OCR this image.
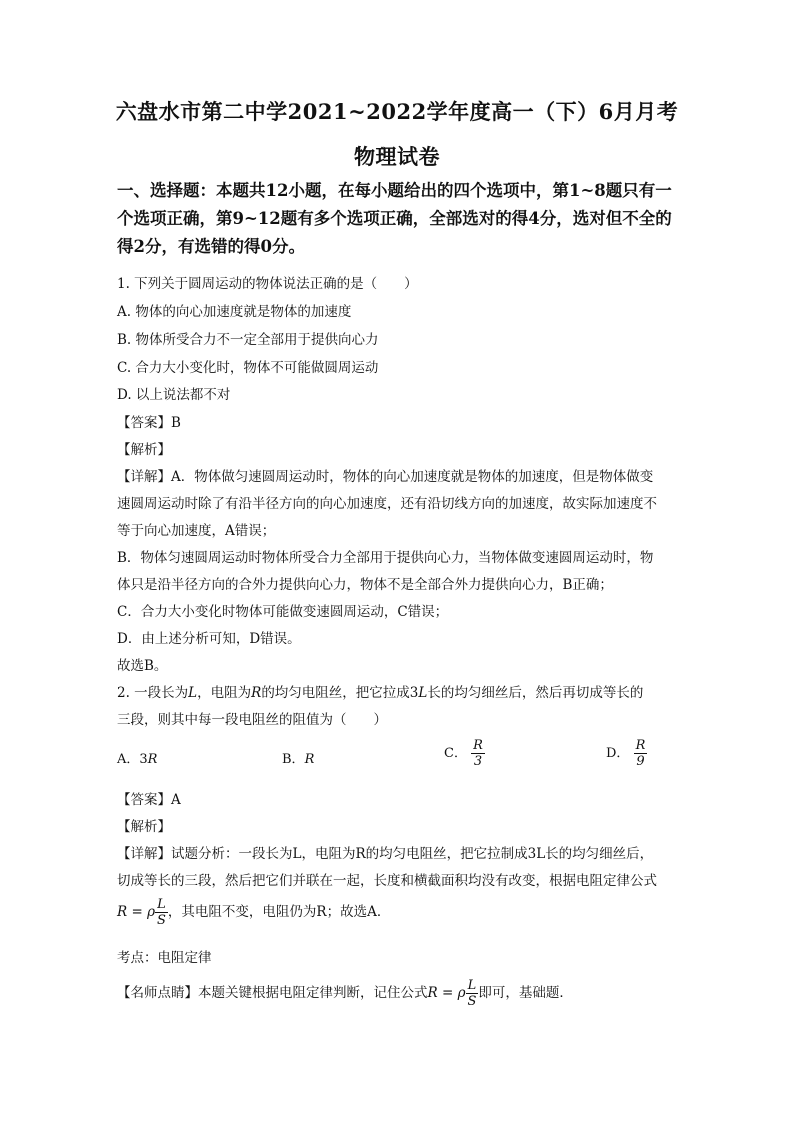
六盘水市第二中学2021~2022学年度高一（下）6月月考
物理试卷
一、选择题：本题共12小题，在每小题给出的四个选项中，第1~8题只有一个选项正确，第9~12题有多个选项正确，全部选对的得4分，选对但不全的得2分，有选错的得0分。
1. 下列关于圆周运动的物体说法正确的是（　　）
A. 物体的向心加速度就是物体的加速度
B. 物体所受合力不一定全部用于提供向心力
C. 合力大小变化时，物体不可能做圆周运动
D. 以上说法都不对
【答案】B
【解析】
【详解】A．物体做匀速圆周运动时，物体的向心加速度就是物体的加速度，但是物体做变
速圆周运动时除了有沿半径方向的向心加速度，还有沿切线方向的加速度，故实际加速度不
等于向心加速度，A错误；
B．物体匀速圆周运动时物体所受合力全部用于提供向心力，当物体做变速圆周运动时，物
体只是沿半径方向的合外力提供向心力，物体不是全部合外力提供向心力，B正确；
C．合力大小变化时物体可能做变速圆周运动，C错误；
D．由上述分析可知，D错误。
故选B。
2. 一段长为L，电阻为R的均匀电阻丝，把它拉成3L长的均匀细丝后，然后再切成等长的
三段，则其中每一段电阻丝的阻值为（　　）
A．3R	B．R	C． $\frac{R}{3}$	D． $\frac{R}{9}$
【答案】A
【解析】
【详解】试题分析：一段长为L，电阻为R的均匀电阻丝，把它拉制成3L长的均匀细丝后，
切成等长的三段，然后把它们并联在一起，长度和横截面积均没有改变，根据电阻定律公式
R = ρ $\frac{L}{S}$ ，其电阻不变，电阻仍为R；故选A．
考点：电阻定律
【名师点睛】本题关键根据电阻定律判断，记住公式R = ρ $\frac{L}{S}$ 即可，基础题．
